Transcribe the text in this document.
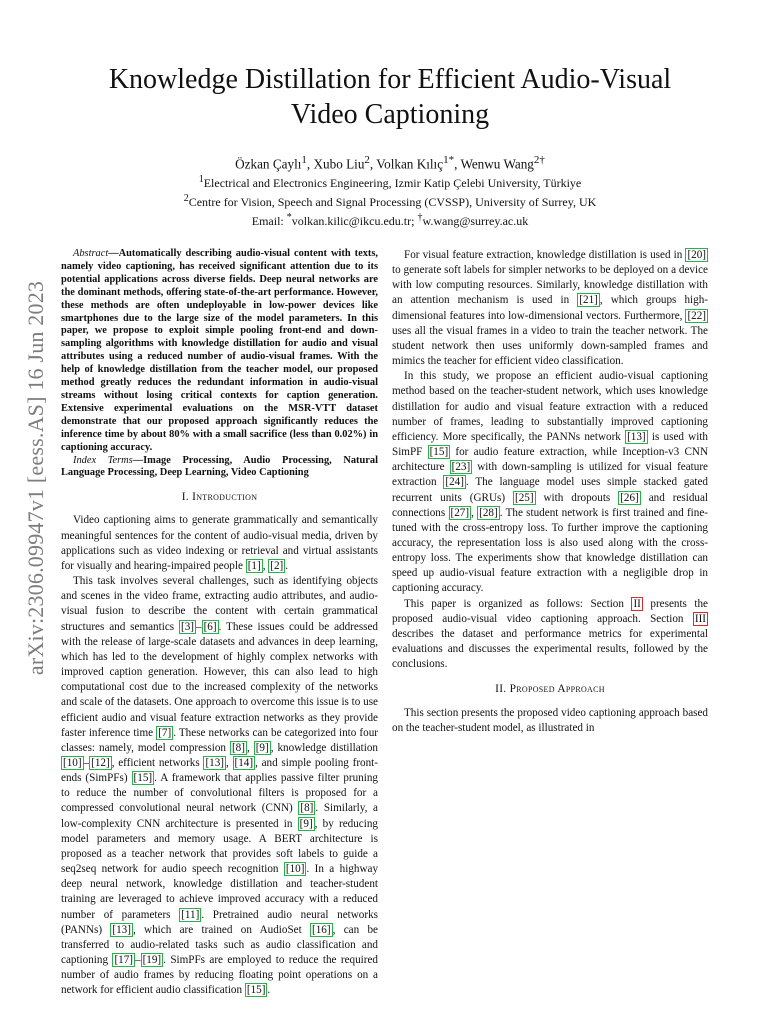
arXiv:2306.09947v1 [eess.AS] 16 Jun 2023
Knowledge Distillation for Efficient Audio-Visual
Video Captioning
Özkan Çaylı$^1$, Xubo Liu$^2$, Volkan Kılıç$^{1*}$, Wenwu Wang$^{2\dagger}$
$^1$Electrical and Electronics Engineering, Izmir Katip Çelebi University, Türkiye
$^2$Centre for Vision, Speech and Signal Processing (CVSSP), University of Surrey, UK
Email: *volkan.kilic@ikcu.edu.tr; †w.wang@surrey.ac.uk

Abstract—Automatically describing audio-visual content with texts, namely video captioning, has received significant attention due to its potential applications across diverse fields. Deep neural networks are the dominant methods, offering state-of-the-art performance. However, these methods are often undeployable in low-power devices like smartphones due to the large size of the model parameters. In this paper, we propose to exploit simple pooling front-end and down-sampling algorithms with knowledge distillation for audio and visual attributes using a reduced number of audio-visual frames. With the help of knowledge distillation from the teacher model, our proposed method greatly reduces the redundant information in audio-visual streams without losing critical contexts for caption generation. Extensive experimental evaluations on the MSR-VTT dataset demonstrate that our proposed approach significantly reduces the inference time by about 80% with a small sacrifice (less than 0.02%) in captioning accuracy.

Index Terms—Image Processing, Audio Processing, Natural Language Processing, Deep Learning, Video Captioning

I. Introduction

Video captioning aims to generate grammatically and semantically meaningful sentences for the content of audio-visual media, driven by applications such as video indexing or retrieval and virtual assistants for visually and hearing-impaired people [1] , [2] .

This task involves several challenges, such as identifying objects and scenes in the video frame, extracting audio attributes, and audio-visual fusion to describe the content with certain grammatical structures and semantics [3] – [6] . These issues could be addressed with the release of large-scale datasets and advances in deep learning, which has led to the development of highly complex networks with improved caption generation. However, this can also lead to high computational cost due to the increased complexity of the networks and scale of the datasets. One approach to overcome this issue is to use efficient audio and visual feature extraction networks as they provide faster inference time [7] . These networks can be categorized into four classes: namely, model compression [8] , [9] , knowledge distillation [10] – [12] , efficient networks [13] , [14] , and simple pooling front-ends (SimPFs) [15] . A framework that applies passive filter pruning to reduce the number of convolutional filters is proposed for a compressed convolutional neural network (CNN) [8] . Similarly, a low-complexity CNN architecture is presented in [9] , by reducing model parameters and memory usage. A BERT architecture is proposed as a teacher network that provides soft labels to guide a seq2seq network for audio speech recognition [10] . In a highway deep neural network, knowledge distillation and teacher-student training are leveraged to achieve improved accuracy with a reduced number of parameters [11] . Pretrained audio neural networks (PANNs) [13] , which are trained on AudioSet [16] , can be transferred to audio-related tasks such as audio classification and captioning [17] – [19] . SimPFs are employed to reduce the required number of audio frames by reducing floating point operations on a network for efficient audio classification [15] .

For visual feature extraction, knowledge distillation is used in [20] to generate soft labels for simpler networks to be deployed on a device with low computing resources. Similarly, knowledge distillation with an attention mechanism is used in [21] , which groups high-dimensional features into low-dimensional vectors. Furthermore, [22] uses all the visual frames in a video to train the teacher network. The student network then uses uniformly down-sampled frames and mimics the teacher for efficient video classification.

In this study, we propose an efficient audio-visual captioning method based on the teacher-student network, which uses knowledge distillation for audio and visual feature extraction with a reduced number of frames, leading to substantially improved captioning efficiency. More specifically, the PANNs network [13] is used with SimPF [15] for audio feature extraction, while Inception-v3 CNN architecture [23] with down-sampling is utilized for visual feature extraction [24] . The language model uses simple stacked gated recurrent units (GRUs) [25] with dropouts [26] and residual connections [27] , [28] . The student network is first trained and fine-tuned with the cross-entropy loss. To further improve the captioning accuracy, the representation loss is also used along with the cross-entropy loss. The experiments show that knowledge distillation can speed up audio-visual feature extraction with a negligible drop in captioning accuracy.

This paper is organized as follows: Section II presents the proposed audio-visual video captioning approach. Section III describes the dataset and performance metrics for experimental evaluations and discusses the experimental results, followed by the conclusions.

II. Proposed Approach

This section presents the proposed video captioning approach based on the teacher-student model, as illustrated in
